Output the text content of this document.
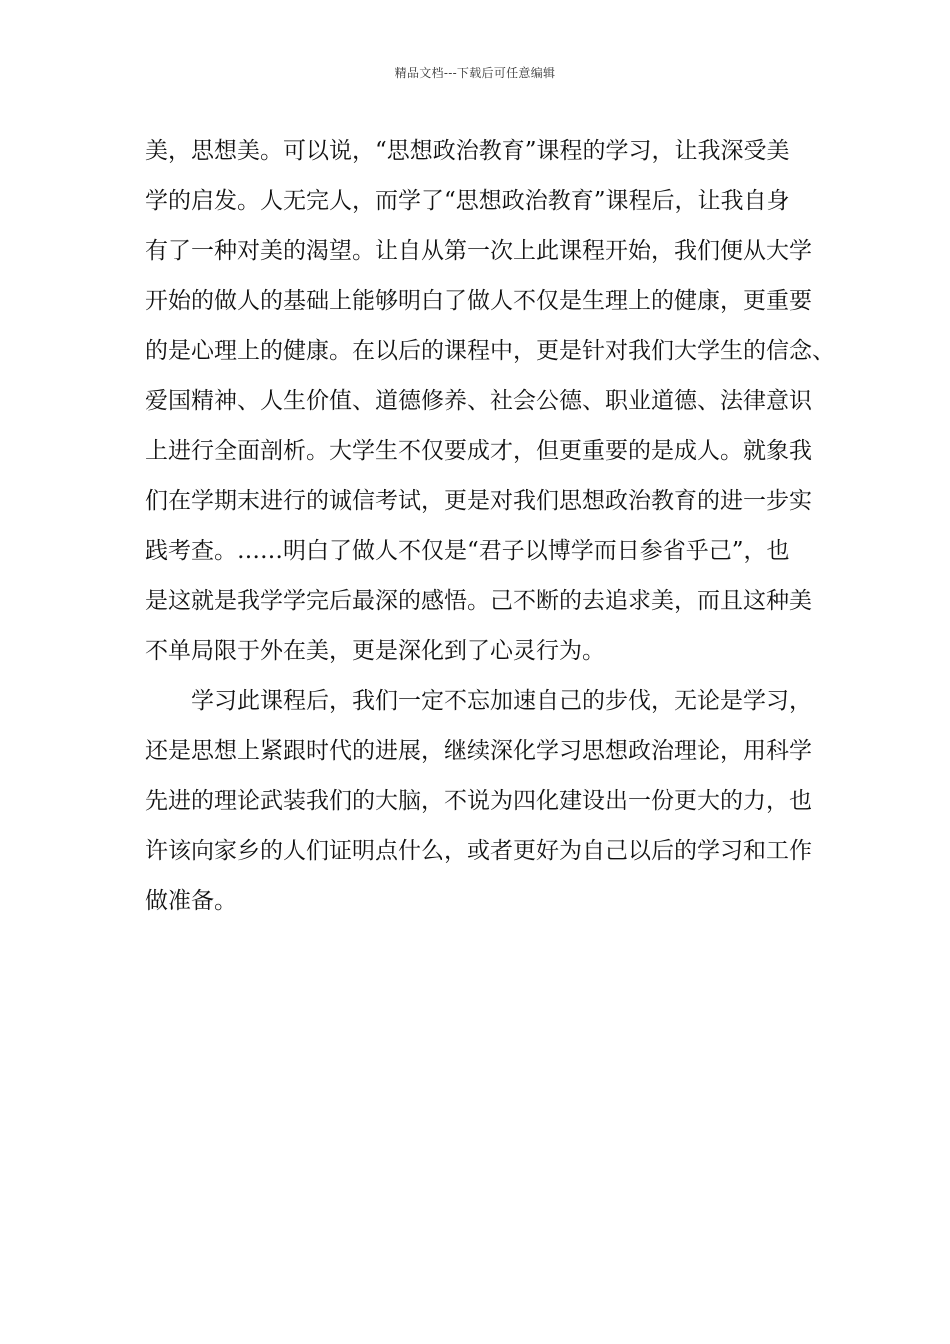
精品文档---下载后可任意编辑
美，思想美。可以说，“思想政治教育”课程的学习，让我深受美
学的启发。人无完人，而学了“思想政治教育”课程后，让我自身
有了一种对美的渴望。让自从第一次上此课程开始，我们便从大学
开始的做人的基础上能够明白了做人不仅是生理上的健康，更重要
的是心理上的健康。在以后的课程中，更是针对我们大学生的信念、
爱国精神、人生价值、道德修养、社会公德、职业道德、法律意识
上进行全面剖析。大学生不仅要成才，但更重要的是成人。就象我
们在学期末进行的诚信考试，更是对我们思想政治教育的进一步实
践考查。……明白了做人不仅是“君子以博学而日参省乎己”，也
是这就是我学学完后最深的感悟。己不断的去追求美，而且这种美
不单局限于外在美，更是深化到了心灵行为。
学习此课程后，我们一定不忘加速自己的步伐，无论是学习，
还是思想上紧跟时代的进展，继续深化学习思想政治理论，用科学
先进的理论武装我们的大脑，不说为四化建设出一份更大的力，也
许该向家乡的人们证明点什么，或者更好为自己以后的学习和工作
做准备。
